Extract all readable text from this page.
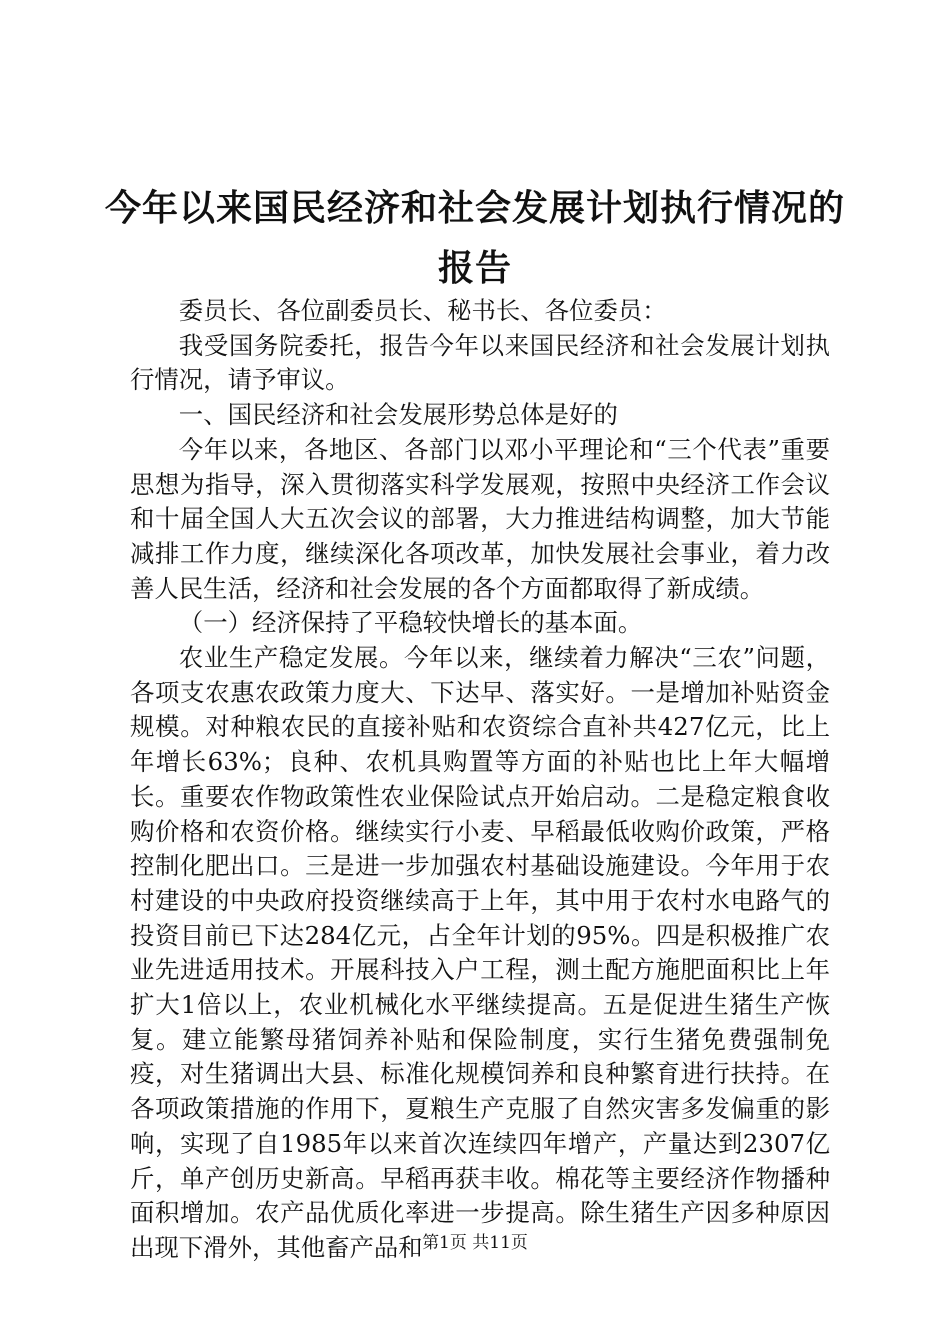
今年以来国民经济和社会发展计划执行情况的
报告

委员长、各位副委员长、秘书长、各位委员：

我受国务院委托，报告今年以来国民经济和社会发展计划执行情况，请予审议。

一、国民经济和社会发展形势总体是好的

今年以来，各地区、各部门以邓小平理论和“三个代表”重要思想为指导，深入贯彻落实科学发展观，按照中央经济工作会议和十届全国人大五次会议的部署，大力推进结构调整，加大节能减排工作力度，继续深化各项改革，加快发展社会事业，着力改善人民生活，经济和社会发展的各个方面都取得了新成绩。

（一）经济保持了平稳较快增长的基本面。

农业生产稳定发展。今年以来，继续着力解决“三农”问题，各项支农惠农政策力度大、下达早、落实好。一是增加补贴资金规模。对种粮农民的直接补贴和农资综合直补共427亿元，比上年增长63%；良种、农机具购置等方面的补贴也比上年大幅增长。重要农作物政策性农业保险试点开始启动。二是稳定粮食收购价格和农资价格。继续实行小麦、早稻最低收购价政策，严格控制化肥出口。三是进一步加强农村基础设施建设。今年用于农村建设的中央政府投资继续高于上年，其中用于农村水电路气的投资目前已下达284亿元，占全年计划的95%。四是积极推广农业先进适用技术。开展科技入户工程，测土配方施肥面积比上年扩大1倍以上，农业机械化水平继续提高。五是促进生猪生产恢复。建立能繁母猪饲养补贴和保险制度，实行生猪免费强制免疫，对生猪调出大县、标准化规模饲养和良种繁育进行扶持。在各项政策措施的作用下，夏粮生产克服了自然灾害多发偏重的影响，实现了自1985年以来首次连续四年增产，产量达到2307亿斤，单产创历史新高。早稻再获丰收。棉花等主要经济作物播种面积增加。农产品优质化率进一步提高。除生猪生产因多种原因出现下滑外，其他畜产品和 第1页 共11页
